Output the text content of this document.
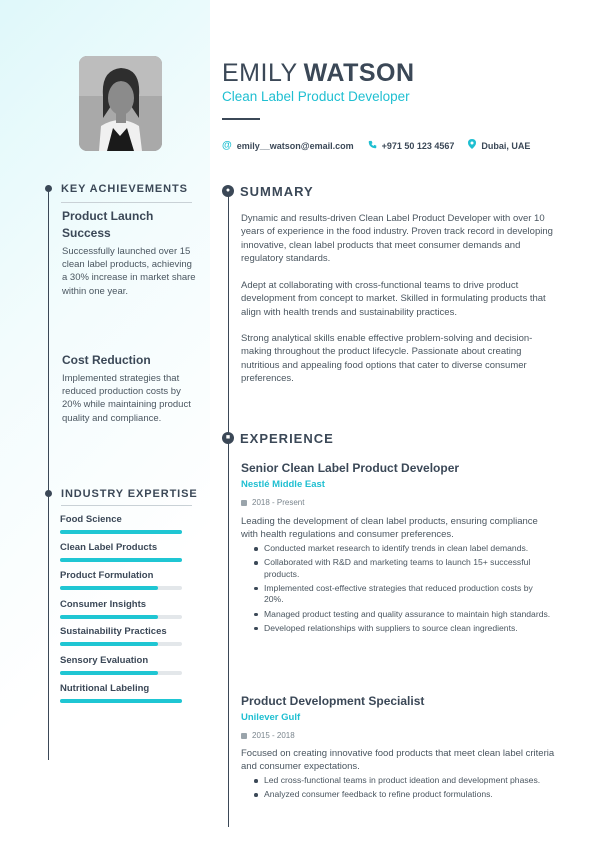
EMILY WATSON
Clean Label Product Developer
@ emily__watson@email.com	+971 50 123 4567	Dubai, UAE
KEY ACHIEVEMENTS
Product Launch Success
Successfully launched over 15 clean label products, achieving a 30% increase in market share within one year.
Cost Reduction
Implemented strategies that reduced production costs by 20% while maintaining product quality and compliance.
INDUSTRY EXPERTISE
Food Science
Clean Label Products
Product Formulation
Consumer Insights
Sustainability Practices
Sensory Evaluation
Nutritional Labeling
● SUMMARY
Dynamic and results-driven Clean Label Product Developer with over 10 years of experience in the food industry. Proven track record in developing innovative, clean label products that meet consumer demands and regulatory standards.
Adept at collaborating with cross-functional teams to drive product development from concept to market. Skilled in formulating products that align with health trends and sustainability practices.
Strong analytical skills enable effective problem-solving and decision-making throughout the product lifecycle. Passionate about creating nutritious and appealing food options that cater to diverse consumer preferences.
■ EXPERIENCE
Senior Clean Label Product Developer
Nestlé Middle East
2018 - Present
Leading the development of clean label products, ensuring compliance with health regulations and consumer preferences.
Conducted market research to identify trends in clean label demands.
Collaborated with R&D and marketing teams to launch 15+ successful products.
Implemented cost-effective strategies that reduced production costs by 20%.
Managed product testing and quality assurance to maintain high standards.
Developed relationships with suppliers to source clean ingredients.
Product Development Specialist
Unilever Gulf
2015 - 2018
Focused on creating innovative food products that meet clean label criteria and consumer expectations.
Led cross-functional teams in product ideation and development phases.
Analyzed consumer feedback to refine product formulations.
